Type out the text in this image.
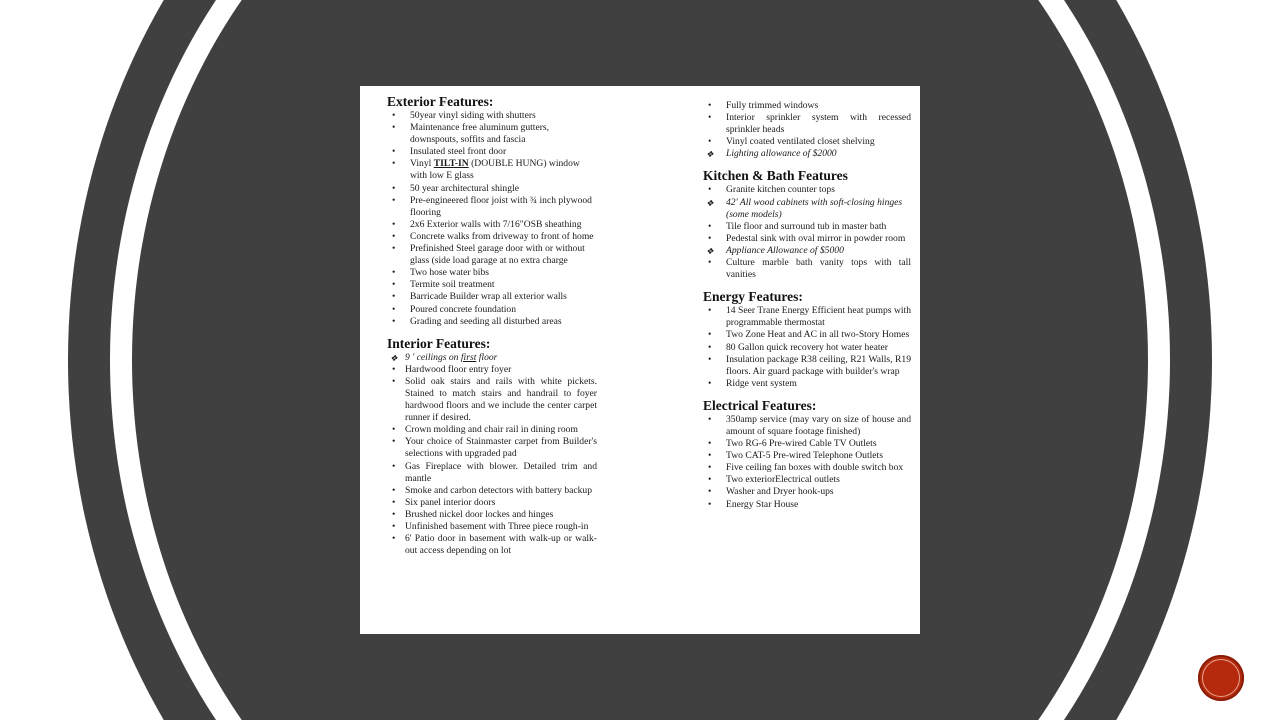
Exterior Features:
• 50year vinyl siding with shutters
• Maintenance free aluminum gutters, downspouts, soffits and fascia
• Insulated steel front door
• Vinyl TILT-IN (DOUBLE HUNG) window
with low E glass
• 50 year architectural shingle
• Pre-engineered floor joist with ¾ inch plywood flooring
• 2x6 Exterior walls with 7/16"OSB sheathing
• Concrete walks from driveway to front of home
• Prefinished Steel garage door with or without glass (side load garage at no extra charge
• Two hose water bibs
• Termite soil treatment
• Barricade Builder wrap all exterior walls
• Poured concrete foundation
• Grading and seeding all disturbed areas
Interior Features:
❖ 9 ' ceilings on first floor
• Hardwood floor entry foyer
• Solid oak stairs and rails with white pickets. Stained to match stairs and handrail to foyer hardwood floors and we include the center carpet runner if desired.
• Crown molding and chair rail in dining room
• Your choice of Stainmaster carpet from Builder's selections with upgraded pad
• Gas Fireplace with blower. Detailed trim and mantle
• Smoke and carbon detectors with battery backup
• Six panel interior doors
• Brushed nickel door lockes and hinges
• Unfinished basement with Three piece rough-in
• 6' Patio door in basement with walk-up or walk-out access depending on lot
• Fully trimmed windows
• Interior sprinkler system with recessed sprinkler heads
• Vinyl coated ventilated closet shelving
❖ Lighting allowance of $2000
Kitchen & Bath Features
• Granite kitchen counter tops
❖ 42' All wood cabinets with soft-closing hinges (some models)
• Tile floor and surround tub in master bath
• Pedestal sink with oval mirror in powder room
❖ Appliance Allowance of $5000
• Culture marble bath vanity tops with tall vanities
Energy Features:
• 14 Seer Trane Energy Efficient heat pumps with programmable thermostat
• Two Zone Heat and AC in all two-Story Homes
• 80 Gallon quick recovery hot water heater
• Insulation package R38 ceiling, R21 Walls, R19 floors. Air guard package with builder's wrap
• Ridge vent system
Electrical Features:
• 350amp service (may vary on size of house and amount of square footage finished)
• Two RG-6 Pre-wired Cable TV Outlets
• Two CAT-5 Pre-wired Telephone Outlets
• Five ceiling fan boxes with double switch box
• Two exteriorElectrical outlets
• Washer and Dryer hook-ups
• Energy Star House
